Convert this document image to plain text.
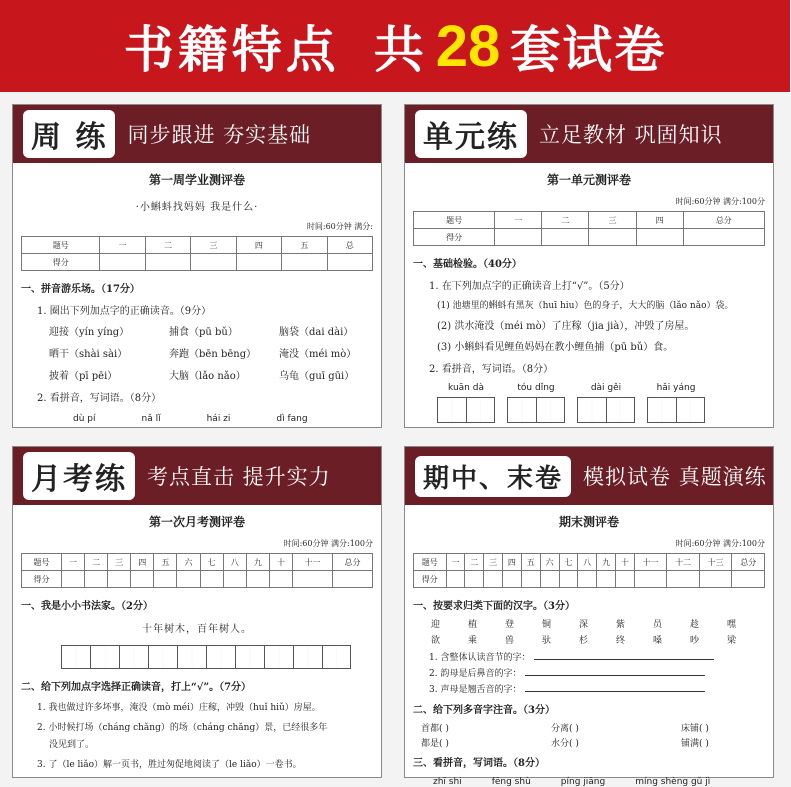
书籍特点 共 28 套试卷
周 练 同步跟进 夯实基础
第一周学业测评卷
·小蝌蚪找妈妈 我是什么·
时间:60分钟 满分:
题号	一	二	三	四	五	总
得分						
一、拼音游乐场。（17分）
1. 圈出下列加点字的正确读音。（9分）
迎接（yín yíng）	捕食（pū bǔ）	脑袋（dai dài）
晒干（shài sài）	奔跑（bēn bēng）	淹没（méi mò）
披着（pī pēi）	大脑（lǎo nǎo）	乌龟（guī gūi）
2. 看拼音，写词语。（8分）
dù pí	nǎ lǐ	hái zi	dì fang
单元练 立足教材 巩固知识
第一单元测评卷
时间:60分钟 满分:100分
题号	一	二	三	四	总分
得分					
一、基础检验。（40分）
1. 在下列加点字的正确读音上打“√”。（5分）
(1) 池塘里的蝌蚪有黑灰（huī hiu）色的身子，大大的脑（lǎo nǎo）袋。
(2) 洪水淹没（méi mò）了庄稼（jia jià），冲毁了房屋。
(3) 小蝌蚪看见鲤鱼妈妈在教小鲤鱼捕（pū bǔ）食。
2. 看拼音，写词语。（8分）
kuān dà	tóu dǐng	dài gěi	hǎi yáng
月考练 考点直击 提升实力
第一次月考测评卷
时间:60分钟 满分:100分
题号	一	二	三	四	五	六	七	八	九	十	十一	总分
得分												
一、我是小小书法家。（2分）
十年树木，百年树人。
二、给下列加点字选择正确读音，打上“√”。（7分）
1. 我也做过许多坏事，淹没（mò méi）庄稼，冲毁（huǐ hiǔ）房屋。
2. 小时候打场（cháng chǎng）的场（cháng chǎng）景，已经很多年
没见到了。
3. 了（le liǎo）解一页书，胜过匆促地阅读了（le liǎo）一卷书。
期中、末卷 模拟试卷 真题演练
期末测评卷
时间:60分钟 满分:100分
题号	一	二	三	四	五	六	七	八	九	十	十一	十二	十三	总分
得分														
一、按要求归类下面的汉字。（3分）
迎	植	登	铜	深	紫	员	趁	嘿
欲	乘	兽	驮	杉	终	嗓	吵	梁
1. 含整体认读音节的字：
2. 韵母是后鼻音的字：
3. 声母是翘舌音的字：
二、给下列多音字注音。（3分）
首都( )	分离( )	床铺( )
都是( )	水分( )	铺满( )
三、看拼音，写词语。（8分）
zhī shi	fēng shù	píng jiāng	míng shèng gǔ jì
